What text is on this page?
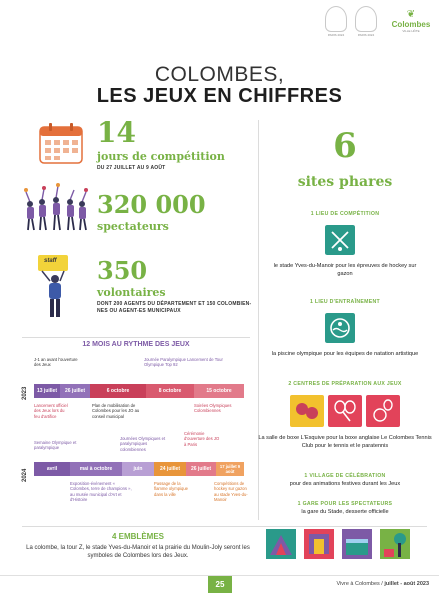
PARIS 2024	PARIS 2024
❦
Colombes
VILLE HÔTE
COLOMBES,
LES JEUX EN CHIFFRES
14
jours de compétition
DU 27 JUILLET AU 9 AOÛT
320 000
spectateurs
staff 350
volontaires
DONT 200 AGENTS DU DÉPARTEMENT ET 150 COLOMBIEN-NES OU AGENT-ES MUNICIPAUX
6
sites phares
1 LIEU DE COMPÉTITION
le stade Yves-du-Manoir pour les épreuves de hockey sur gazon
1 LIEU D'ENTRAÎNEMENT
la piscine olympique pour les équipes de natation artistique
2 CENTRES DE PRÉPARATION AUX JEUX
La salle de boxe L'Esquive pour la boxe anglaise Le Colombes Tennis Club pour le tennis et le paratennis
1 VILLAGE DE CÉLÉBRATION
pour des animations festives durant les Jeux
1 GARE POUR LES SPECTATEURS
la gare du Stade, desserte officielle
12 MOIS AU RYTHME DES JEUX
J-1 an avant l'ouverture des Jeux
Journée Paralympique Lancement de Tour Olympique Top 92
2023	13 juillet	26 juillet	6 octobre	8 octobre	15 octobre
Lancement officiel des Jeux lors du feu d'artifice
Plan de mobilisation de Colombes pour les JO au conseil municipal
Soirées Olympiques Colombiennes
Semaine Olympique et paralympique
Journées Olympiques et paralympiques colombiennes
Cérémonie d'ouverture des JO à Paris
2024	avril	mai à octobre	juin	24 juillet	26 juillet	17 juillet 9 août
Exposition-événement « Colombes, terre de champions », au musée municipal d'Art et d'Histoire
Passage de la flamme olympique dans la ville
Compétitions de hockey sur gazon au stade Yves-du-Manoir
4 EMBLÈMES
La colombe, la tour Z, le stade Yves-du-Manoir et la prairie du Moulin-Joly seront les symboles de Colombes lors des Jeux.
25	Vivre à Colombes / juillet - août 2023
